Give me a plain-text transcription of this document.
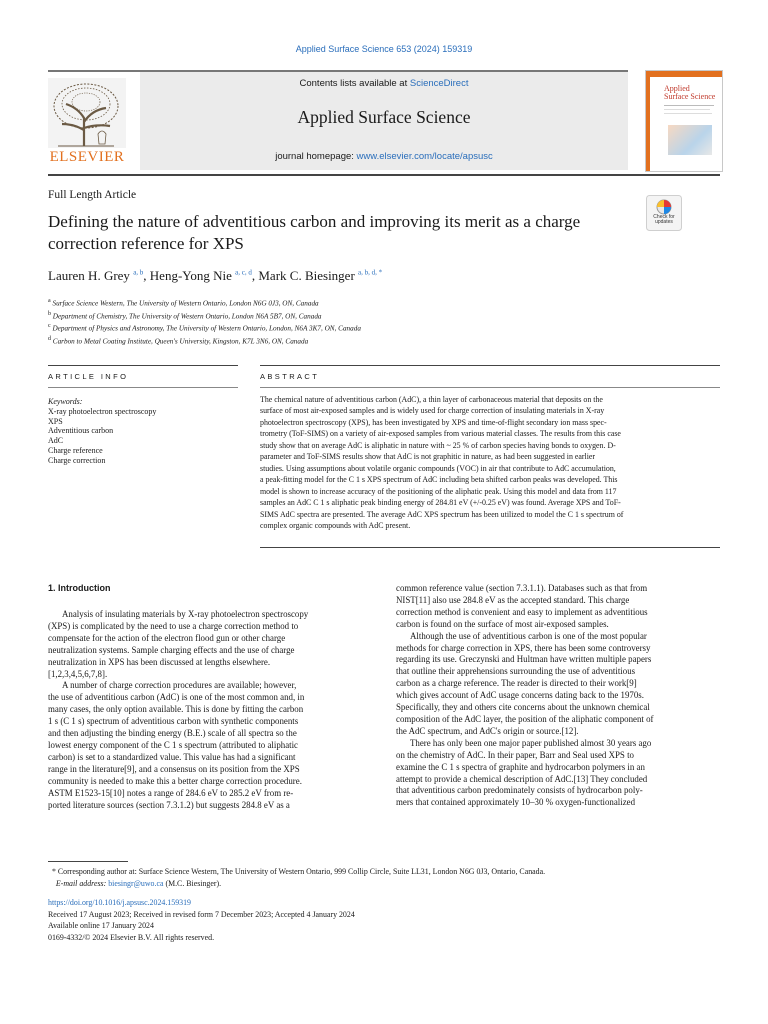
Applied Surface Science 653 (2024) 159319
ELSEVIER
Contents lists available at ScienceDirect
Applied Surface Science
journal homepage: www.elsevier.com/locate/apsusc
Applied
Surface Science
Full Length Article
Defining the nature of adventitious carbon and improving its merit as a charge correction reference for XPS
Check for
updates
Lauren H. Grey $^{a, b}$, Heng-Yong Nie $^{a, c, d}$, Mark C. Biesinger $^{a, b, d, *}$
$^a$ Surface Science Western, The University of Western Ontario, London N6G 0J3, ON, Canada
$^b$ Department of Chemistry, The University of Western Ontario, London N6A 5B7, ON, Canada
$^c$ Department of Physics and Astronomy, The University of Western Ontario, London, N6A 3K7, ON, Canada
$^d$ Carbon to Metal Coating Institute, Queen's University, Kingston, K7L 3N6, ON, Canada
ARTICLE INFO	ABSTRACT
Keywords:
X-ray photoelectron spectroscopy
XPS
Adventitious carbon
AdC
Charge reference
Charge correction
The chemical nature of adventitious carbon (AdC), a thin layer of carbonaceous material that deposits on the
surface of most air-exposed samples and is widely used for charge correction of insulating materials in X-ray
photoelectron spectroscopy (XPS), has been investigated by XPS and time-of-flight secondary ion mass spec-
trometry (ToF-SIMS) on a variety of air-exposed samples from various material classes. The results from this case
study show that on average AdC is aliphatic in nature with ~ 25 % of carbon species having bonds to oxygen. D-
parameter and ToF-SIMS results show that AdC is not graphitic in nature, as had been suggested in earlier
studies. Using assumptions about volatile organic compounds (VOC) in air that contribute to AdC accumulation,
a peak-fitting model for the C 1 s XPS spectrum of AdC including beta shifted carbon peaks was developed. This
model is shown to increase accuracy of the positioning of the aliphatic peak. Using this model and data from 117
samples an AdC C 1 s aliphatic peak binding energy of 284.81 eV (+/-0.25 eV) was found. Average XPS and ToF-
SIMS AdC spectra are presented. The average AdC XPS spectrum has been utilized to model the C 1 s spectrum of
complex organic compounds with AdC present.
1. Introduction

Analysis of insulating materials by X-ray photoelectron spectroscopy
(XPS) is complicated by the need to use a charge correction method to
compensate for the action of the electron flood gun or other charge
neutralization systems. Sample charging effects and the use of charge
neutralization in XPS has been discussed at lengths elsewhere.
[1,2,3,4,5,6,7,8].

A number of charge correction procedures are available; however,
the use of adventitious carbon (AdC) is one of the most common and, in
many cases, the only option available. This is done by fitting the carbon
1 s (C 1 s) spectrum of adventitious carbon with synthetic components
and then adjusting the binding energy (B.E.) scale of all spectra so the
lowest energy component of the C 1 s spectrum (attributed to aliphatic
carbon) is set to a standardized value. This value has had a significant
range in the literature[9], and a consensus on its position from the XPS
community is needed to make this a better charge correction procedure.
ASTM E1523-15[10] notes a range of 284.6 eV to 285.2 eV from re-
ported literature sources (section 7.3.1.2) but suggests 284.8 eV as a

common reference value (section 7.3.1.1). Databases such as that from
NIST[11] also use 284.8 eV as the accepted standard. This charge
correction method is convenient and easy to implement as adventitious
carbon is found on the surface of most air-exposed samples.

Although the use of adventitious carbon is one of the most popular
methods for charge correction in XPS, there has been some controversy
regarding its use. Greczynski and Hultman have written multiple papers
that outline their apprehensions surrounding the use of adventitious
carbon as a charge reference. The reader is directed to their work[9]
which gives account of AdC usage concerns dating back to the 1970s.
Specifically, they and others cite concerns about the unknown chemical
composition of the AdC layer, the position of the aliphatic component of
the AdC spectrum, and AdC's origin or source.[12].

There has only been one major paper published almost 30 years ago
on the chemistry of AdC. In their paper, Barr and Seal used XPS to
examine the C 1 s spectra of graphite and hydrocarbon polymers in an
attempt to provide a chemical description of AdC.[13] They concluded
that adventitious carbon predominately consists of hydrocarbon poly-
mers that contained approximately 10–30 % oxygen-functionalized

* Corresponding author at: Surface Science Western, The University of Western Ontario, 999 Collip Circle, Suite LL31, London N6G 0J3, Ontario, Canada.
E-mail address: biesingr@uwo.ca (M.C. Biesinger).
https://doi.org/10.1016/j.apsusc.2024.159319
Received 17 August 2023; Received in revised form 7 December 2023; Accepted 4 January 2024
Available online 17 January 2024
0169-4332/© 2024 Elsevier B.V. All rights reserved.
